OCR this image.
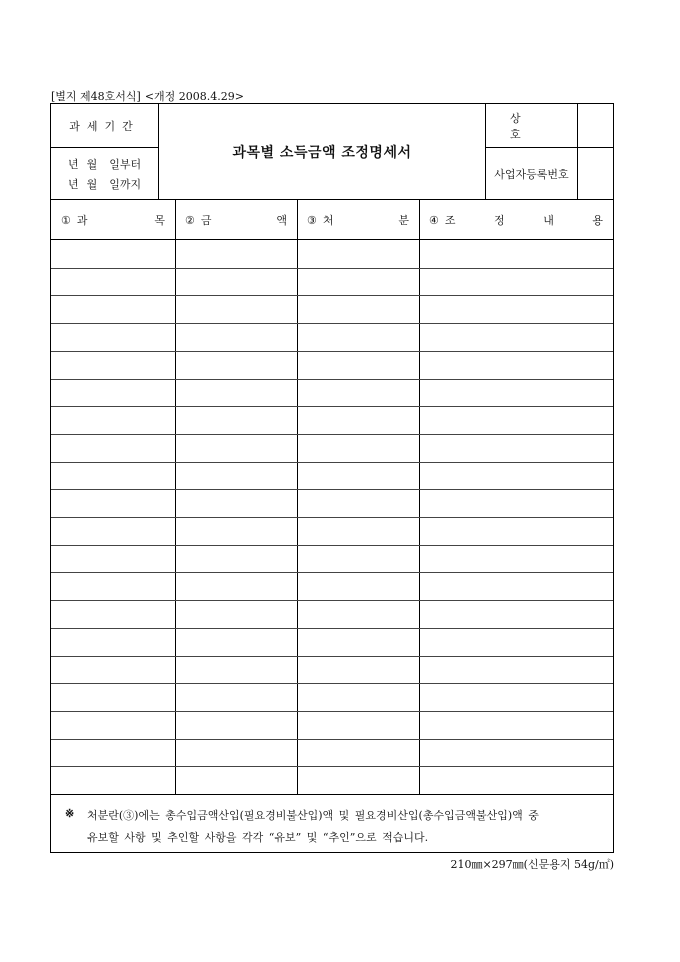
[별지 제48호서식] <개정 2008.4.29>
과세기간
년 월 일부터
년 월 일까지
과목별 소득금액 조정명세서
상호
사업자등록번호
① 과	목 ② 금	액 ③ 처	분 ④ 조	정	내	용
※ 처분란(③)에는 총수입금액산입(필요경비불산입)액 및 필요경비산입(총수입금액불산입)액 중
유보할 사항 및 추인할 사항을 각각 “유보” 및 “추인”으로 적습니다.
210㎜×297㎜(신문용지 54g/㎡)
